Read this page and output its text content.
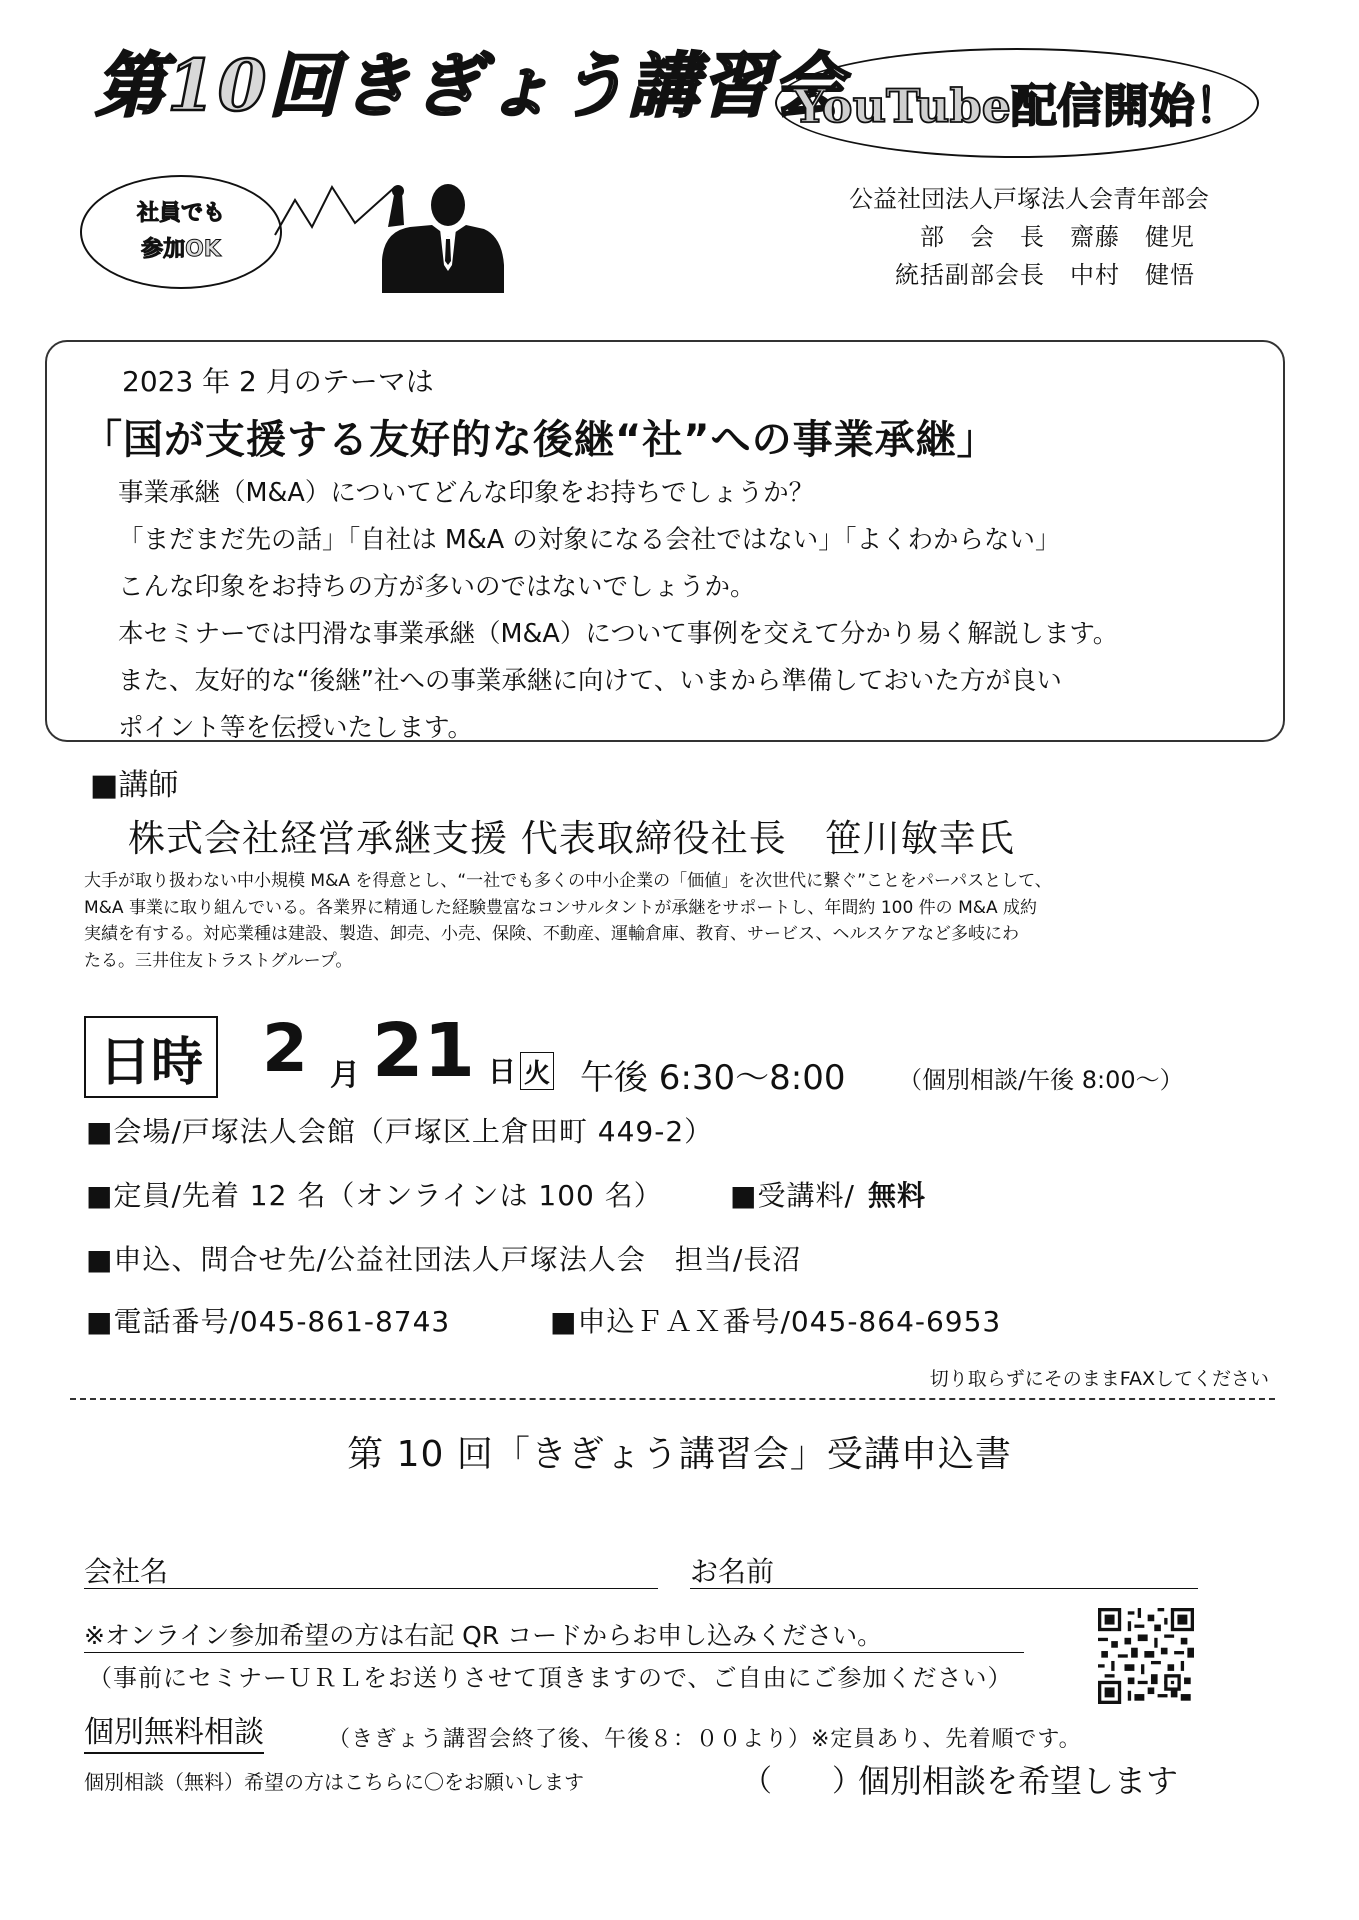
第10回きぎょう講習会
YouTube配信開始！
社員でも
参加OK
公益社団法人戸塚法人会青年部会
部　会　長　齋藤　健児
統括副部会長　中村　健悟
2023 年 2 月のテーマは
「国が支援する友好的な後継“社”への事業承継」
事業承継（M&A）についてどんな印象をお持ちでしょうか？
「まだまだ先の話」「自社は M&A の対象になる会社ではない」「よくわからない」
こんな印象をお持ちの方が多いのではないでしょうか。
本セミナーでは円滑な事業承継（M&A）について事例を交えて分かり易く解説します。
また、友好的な“後継”社への事業承継に向けて、いまから準備しておいた方が良い
ポイント等を伝授いたします。
■講師
株式会社経営承継支援 代表取締役社長　笹川敏幸氏
大手が取り扱わない中小規模 M&A を得意とし、“一社でも多くの中小企業の「価値」を次世代に繋ぐ”ことをパーパスとして、
M&A 事業に取り組んでいる。各業界に精通した経験豊富なコンサルタントが承継をサポートし、年間約 100 件の M&A 成約
実績を有する。対応業種は建設、製造、卸売、小売、保険、不動産、運輸倉庫、教育、サービス、ヘルスケアなど多岐にわ
たる。三井住友トラストグループ。
日時 2 月 21 日 火 午後 6:30～8:00 （個別相談/午後 8:00～）
■会場/戸塚法人会館（戸塚区上倉田町 449-2）
■定員/先着 12 名（オンラインは 100 名） ■受講料/ 無料
■申込、問合せ先/公益社団法人戸塚法人会　担当/長沼
■電話番号/045-861-8743	■申込ＦＡＸ番号/045-864-6953
切り取らずにそのままFAXしてください
第 10 回「きぎょう講習会」受講申込書
会社名	お名前
※オンライン参加希望の方は右記 QR コードからお申し込みください。
（事前にセミナーＵＲＬをお送りさせて頂きますので、ご自由にご参加ください）
個別無料相談	（きぎょう講習会終了後、午後８：００より）※定員あり、先着順です。
個別相談（無料）希望の方はこちらに〇をお願いします	（　　）
個別相談を希望します
